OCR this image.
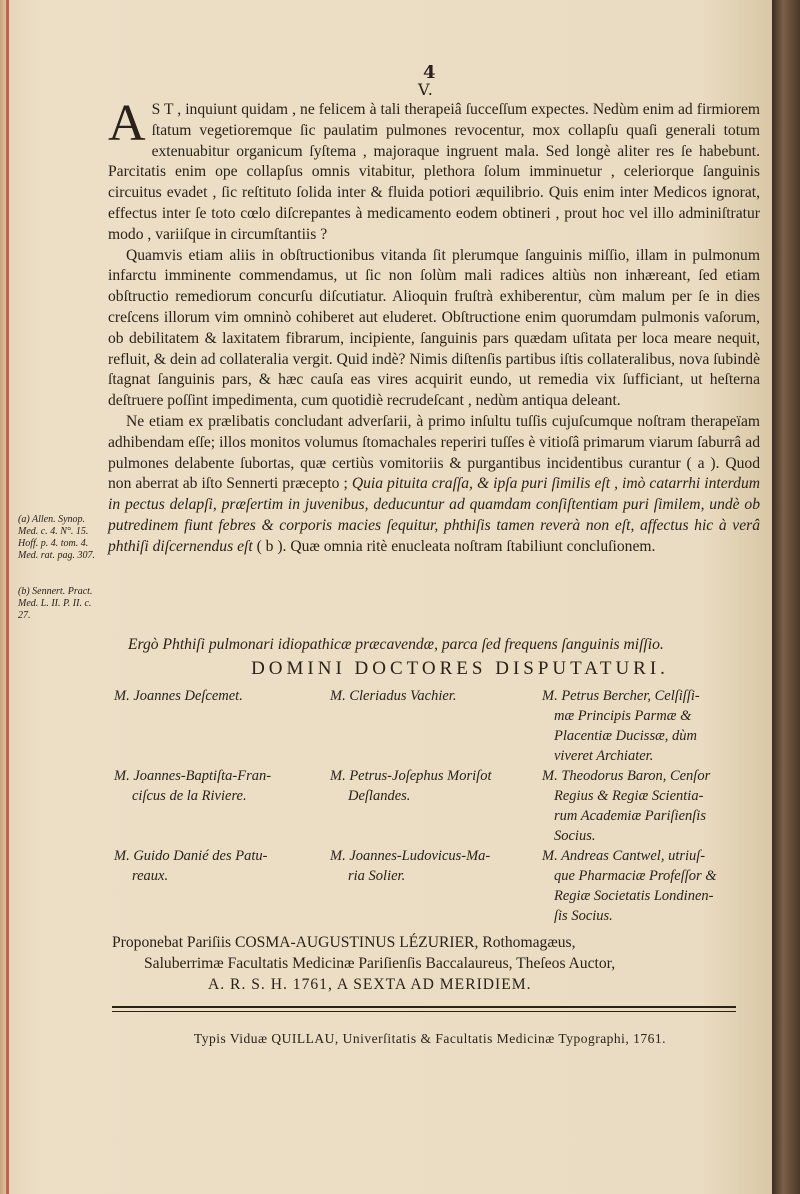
4
V.

A S T , inquiunt quidam , ne felicem à tali therapeiâ ſucceſſum expectes. Nedùm enim ad firmiorem ſtatum vegetioremque ſic paulatim pulmones revocentur, mox collapſu quaſi generali totum extenuabitur organicum ſyſtema , majoraque ingruent mala. Sed longè aliter res ſe habebunt. Parcitatis enim ope collapſus omnis vitabitur, plethora ſolum imminuetur , celeriorque ſanguinis circuitus evadet , ſic reſtituto ſolida inter & fluida potiori æquilibrio. Quis enim inter Medicos ignorat, effectus inter ſe toto cœlo diſcrepantes à medicamento eodem obtineri , prout hoc vel illo adminiſtratur modo , variiſque in circumſtantiis ?

Quamvis etiam aliis in obſtructionibus vitanda ſit plerumque ſanguinis miſſio, illam in pulmonum infarctu imminente commendamus, ut ſic non ſolùm mali radices altiùs non inhæreant, ſed etiam obſtructio remediorum concurſu diſcutiatur. Alioquin fruſtrà exhiberentur, cùm malum per ſe in dies creſcens illorum vim omninò cohiberet aut eluderet. Obſtructione enim quorumdam pulmonis vaſorum, ob debilitatem & laxitatem fibrarum, incipiente, ſanguinis pars quædam uſitata per loca meare nequit, refluit, & dein ad collateralia vergit. Quid indè? Nimis diſtenſis partibus iſtis collateralibus, nova ſubindè ſtagnat ſanguinis pars, & hæc cauſa eas vires acquirit eundo, ut remedia vix ſufficiant, ut heſterna deſtruere poſſint impedimenta, cum quotidiè recrudeſcant , nedùm antiqua deleant.

Ne etiam ex prælibatis concludant adverſarii, à primo inſultu tuſſis cujuſcumque noſtram therapeïam adhibendam eſſe; illos monitos volumus ſtomachales reperiri tuſſes è vitioſâ primarum viarum ſaburrâ ad pulmones delabente ſubortas, quæ certiùs vomitoriis & purgantibus incidentibus curantur ( a ). Quod non aberrat ab iſto Sennerti præcepto ; Quia pituita craſſa, & ipſa puri ſimilis eſt , imò catarrhi interdum in pectus delapſi, præſertim in juvenibus, deducuntur ad quamdam conſiſtentiam puri ſimilem, undè ob putredinem fiunt febres & corporis macies ſequitur, phthiſis tamen reverà non eſt, affectus hic à verâ phthiſi diſcernendus eſt ( b ). Quæ omnia ritè enucleata noſtram ſtabiliunt concluſionem.

(a) Allen. Synop. Med. c. 4. N°. 15. Hoff. p. 4. tom. 4. Med. rat. pag. 307.
(b) Sennert. Pract. Med. L. II. P. II. c. 27.
Ergò Phthiſi pulmonari idiopathicæ præcavendæ, parca ſed frequens ſanguinis miſſio.
DOMINI DOCTORES DISPUTATURI.
M. Joannes Deſcemet.	M. Cleriadus Vachier.	M. Petrus Bercher, Celſiſſi-
mæ Principis Parmæ &
Placentiæ Ducissæ, dùm
viveret Archiater.
M. Joannes-Baptiſta-Fran-
ciſcus de la Riviere.
M. Petrus-Joſephus Moriſot
Deſlandes.
M. Theodorus Baron, Cenſor
Regius & Regiæ Scientia-
rum Academiæ Pariſienſis
Socius.
M. Guido Danié des Patu-
reaux.
M. Joannes-Ludovicus-Ma-
ria Solier.
M. Andreas Cantwel, utriuſ-
que Pharmaciæ Profeſſor &
Regiæ Societatis Londinen-
ſis Socius.
Proponebat Pariſiis COSMA-AUGUSTINUS LÉZURIER, Rothomagæus,
Saluberrimæ Facultatis Medicinæ Pariſienſis Baccalaureus, Theſeos Auctor,
A. R. S. H. 1761, A SEXTA AD MERIDIEM.
Typis Viduæ QUILLAU, Univerſitatis & Facultatis Medicinæ Typographi, 1761.
